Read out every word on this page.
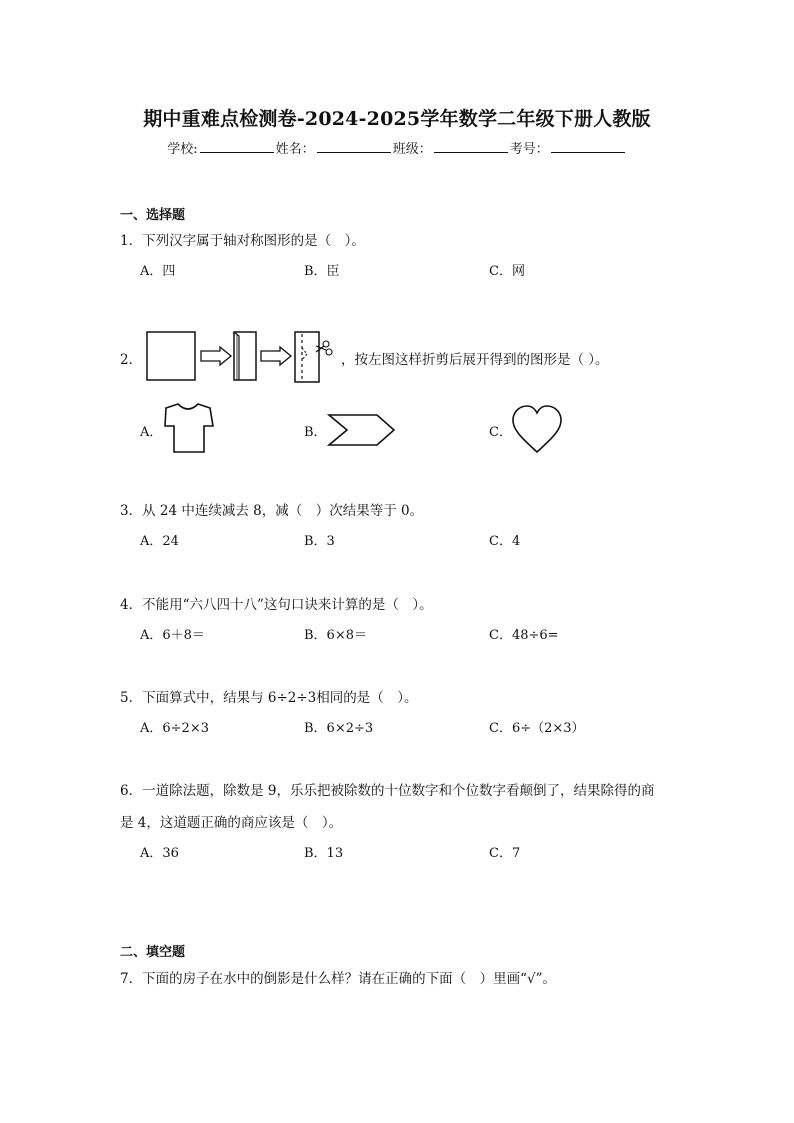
期中重难点检测卷-2024-2025学年数学二年级下册人教版
学校:	姓名：	班级：	考号：
一、选择题
1．下列汉字属于轴对称图形的是（　）。
A．四	B．臣	C．网
2．	，按左图这样折剪后展开得到的图形是（ ）。
A．	B．	C．
3．从 24 中连续减去 8，减（　）次结果等于 0。
A．24	B．3	C．4
4．不能用“六八四十八”这句口诀来计算的是（　）。
A．6＋8＝	B．6×8＝	C．48÷6=
5．下面算式中，结果与 6÷2÷3相同的是（　）。
A．6÷2×3	B．6×2÷3	C．6÷（2×3）
6．一道除法题，除数是 9，乐乐把被除数的十位数字和个位数字看颠倒了，结果除得的商
是 4，这道题正确的商应该是（　）。
A．36	B．13	C．7
二、填空题
7．下面的房子在水中的倒影是什么样？请在正确的下面（　）里画“√”。
